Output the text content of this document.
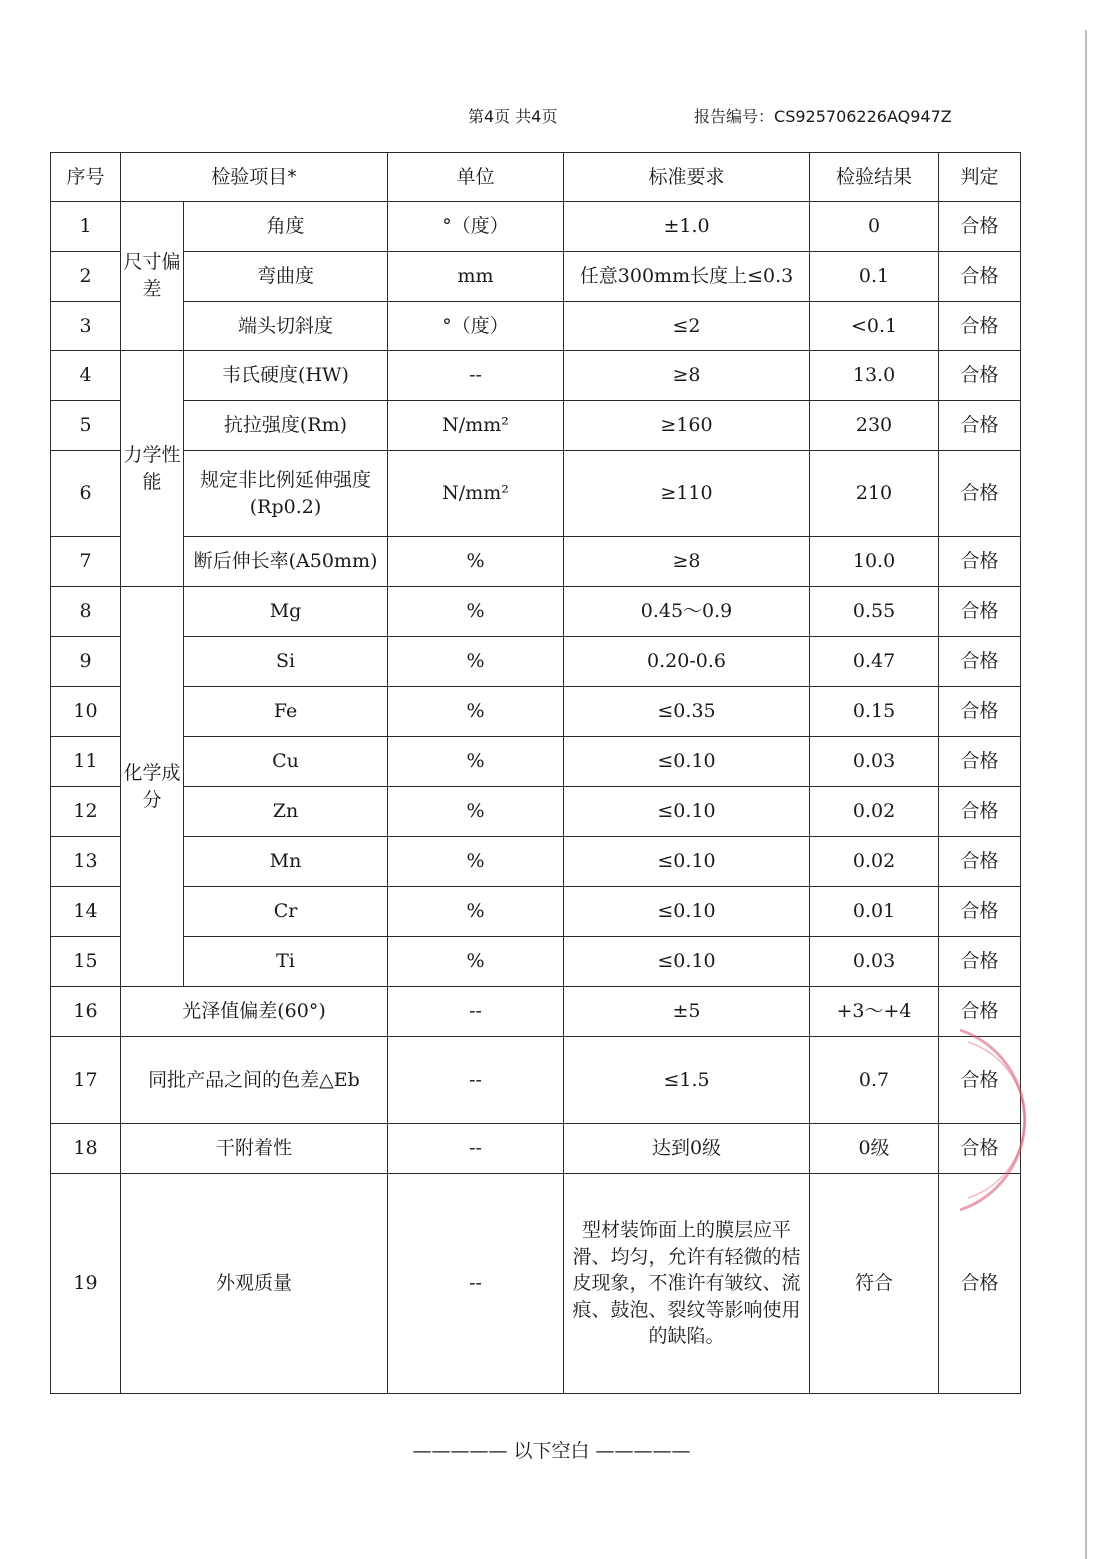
第4页 共4页	报告编号：CS925706226AQ947Z
序号	检验项目*		单位	标准要求	检验结果	判定
1	尺寸偏差	角度	°（度）	±1.0	0	合格
2		弯曲度	mm	任意300mm长度上≤0.3	0.1	合格
3		端头切斜度	°（度）	≤2	<0.1	合格
4	力学性能	韦氏硬度(HW)	--	≥8	13.0	合格
5		抗拉强度(Rm)	N/mm²	≥160	230	合格
6		规定非比例延伸强度(Rp0.2)	N/mm²	≥110	210	合格
7		断后伸长率(A50mm)	%	≥8	10.0	合格
8	化学成分	Mg	%	0.45～0.9	0.55	合格
9		Si	%	0.20-0.6	0.47	合格
10		Fe	%	≤0.35	0.15	合格
11		Cu	%	≤0.10	0.03	合格
12		Zn	%	≤0.10	0.02	合格
13		Mn	%	≤0.10	0.02	合格
14		Cr	%	≤0.10	0.01	合格
15		Ti	%	≤0.10	0.03	合格
16	光泽值偏差(60°)		--	±5	+3～+4	合格
17	同批产品之间的色差△Eb		--	≤1.5	0.7	合格
18	干附着性		--	达到0级	0级	合格
19	外观质量		--	型材装饰面上的膜层应平滑、均匀，允许有轻微的桔皮现象，不准许有皱纹、流痕、鼓泡、裂纹等影响使用的缺陷。	符合	合格
————— 以下空白 —————
